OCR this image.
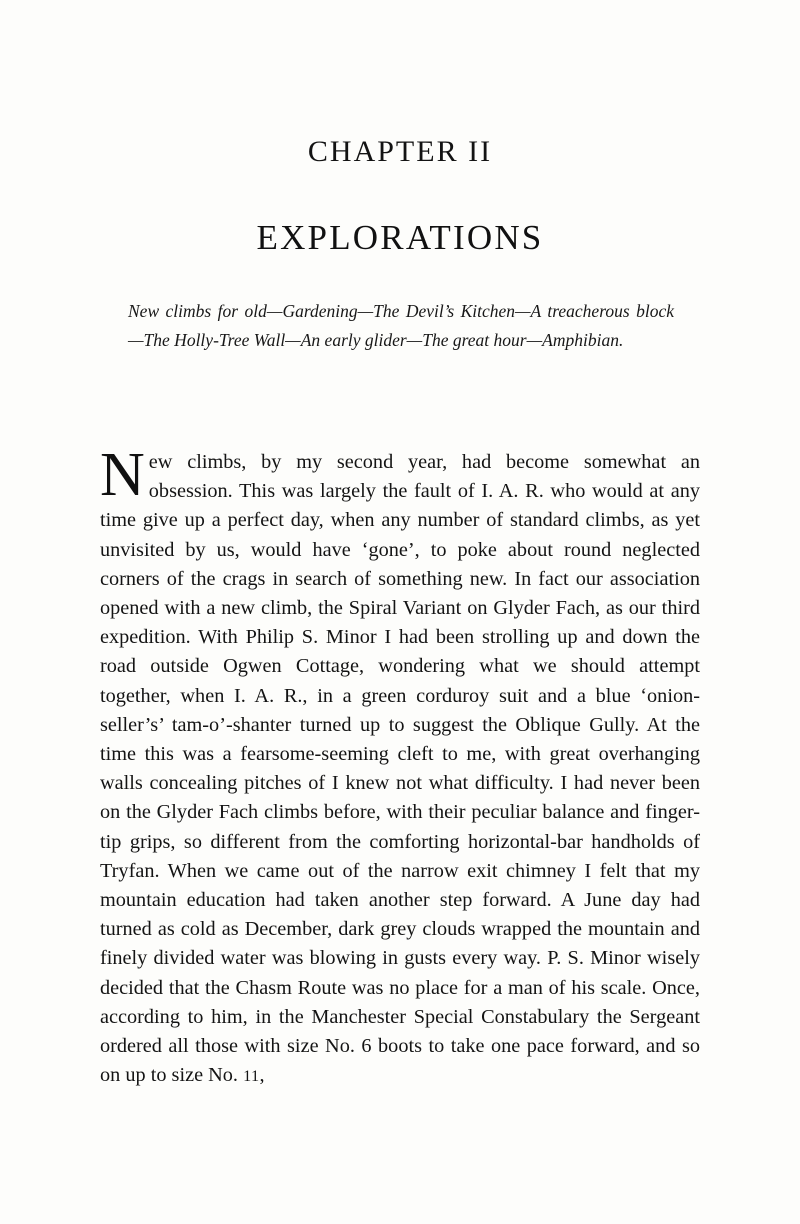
CHAPTER II
EXPLORATIONS

New climbs for old—Gardening—The Devil’s Kitchen—A treacherous block—The Holly-Tree Wall—An early glider—The great hour—Amphibian.

New climbs, by my second year, had become somewhat an obsession. This was largely the fault of I. A. R. who would at any time give up a perfect day, when any number of standard climbs, as yet unvisited by us, would have ‘gone’, to poke about round neglected corners of the crags in search of something new. In fact our association opened with a new climb, the Spiral Variant on Glyder Fach, as our third expedition. With Philip S. Minor I had been strolling up and down the road outside Ogwen Cottage, wondering what we should attempt together, when I. A. R., in a green corduroy suit and a blue ‘onion-seller’s’ tam-o’-shanter turned up to suggest the Oblique Gully. At the time this was a fearsome-seeming cleft to me, with great overhanging walls concealing pitches of I knew not what difficulty. I had never been on the Glyder Fach climbs before, with their peculiar balance and finger-tip grips, so different from the comforting horizontal-bar handholds of Tryfan. When we came out of the narrow exit chimney I felt that my mountain education had taken another step forward. A June day had turned as cold as December, dark grey clouds wrapped the mountain and finely divided water was blowing in gusts every way. P. S. Minor wisely decided that the Chasm Route was no place for a man of his scale. Once, according to him, in the Manchester Special Constabulary the Sergeant ordered all those with size No. 6 boots to take one pace forward, and so on up to size No. 11,
